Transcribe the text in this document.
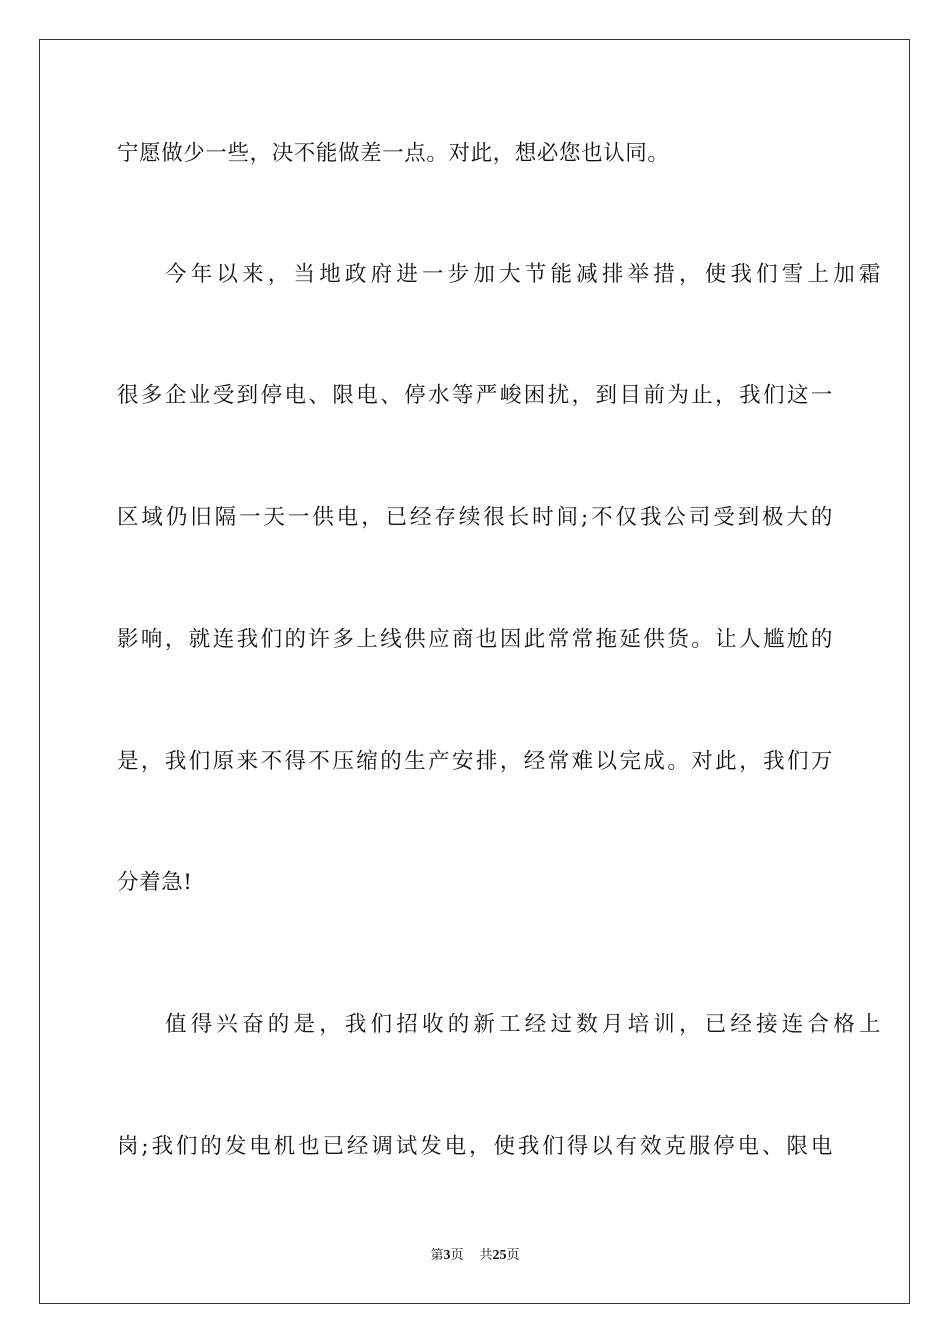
宁愿做少一些，决不能做差一点。对此，想必您也认同。
今年以来，当地政府进一步加大节能减排举措，使我们雪上加霜
很多企业受到停电、限电、停水等严峻困扰，到目前为止，我们这一
区域仍旧隔一天一供电，已经存续很长时间;不仅我公司受到极大的
影响，就连我们的许多上线供应商也因此常常拖延供货。让人尴尬的
是，我们原来不得不压缩的生产安排，经常难以完成。对此，我们万
分着急!
值得兴奋的是，我们招收的新工经过数月培训，已经接连合格上
岗;我们的发电机也已经调试发电，使我们得以有效克服停电、限电
第3页 共25页
